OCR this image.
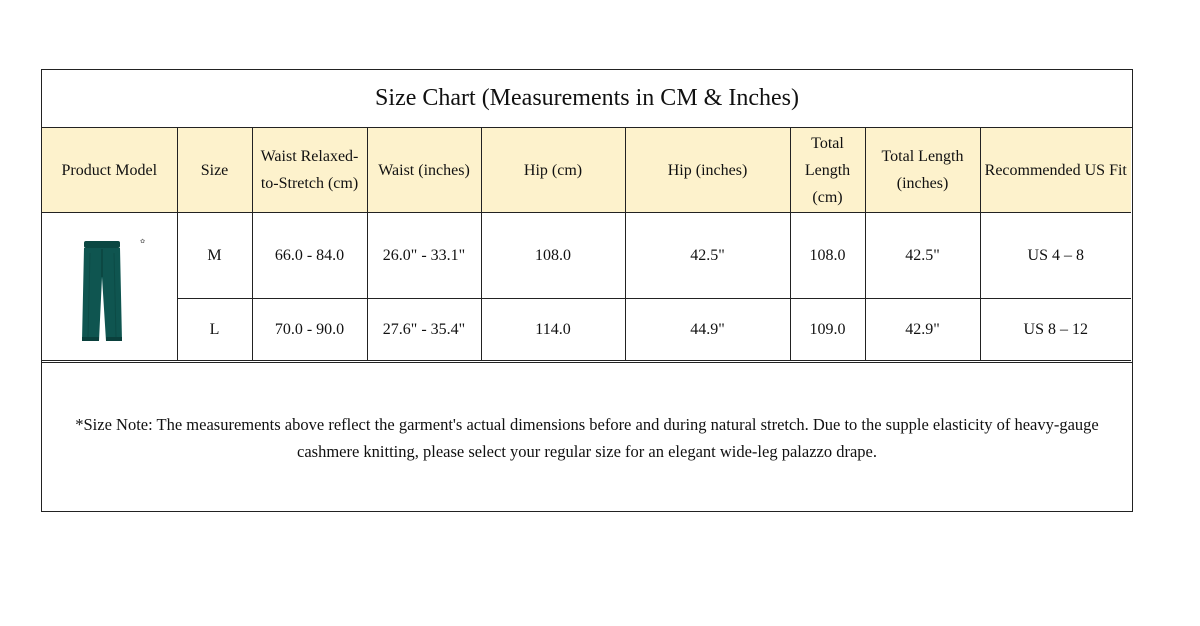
Size Chart (Measurements in CM & Inches)
Product Model	Size	Waist Relaxed-to-Stretch (cm)	Waist (inches)	Hip (cm)	Hip (inches)	Total Length (cm)	Total Length (inches)	Recommended US Fit

✿	M	66.0 - 84.0	26.0" - 33.1"	108.0	42.5"	108.0	42.5"	US 4 – 8
	L	70.0 - 90.0	27.6" - 35.4"	114.0	44.9"	109.0	42.9"	US 8 – 12
*Size Note: The measurements above reflect the garment's actual dimensions before and during natural stretch. Due to the supple elasticity of heavy-gauge cashmere knitting, please select your regular size for an elegant wide-leg palazzo drape.
